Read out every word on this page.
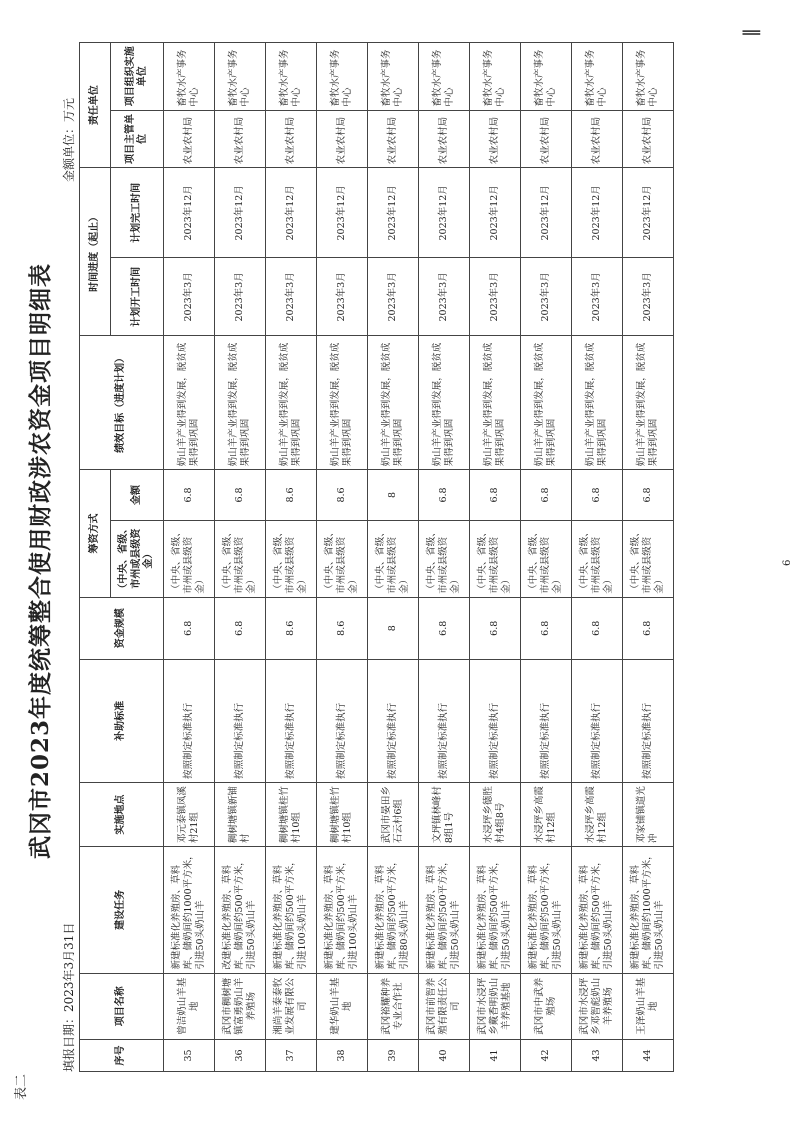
表二
武冈市2023年度统筹整合使用财政涉农资金项目明细表
填报日期：2023年3月31日
金额单位：万元
序号	项目名称	建设任务	实施地点	补助标准	资金规模	筹资方式		绩效目标（进度计划）	时间进度（起止）		责任单位	
						（中央、省级、市州或县级资金）	金额		计划开工时间	计划完工时间	项目主管单位	项目组织实施单位
35	曾洁奶山羊基地	新建标准化养殖房、草料库、储奶间约1000平方米，引进50头奶山羊	邓元泰镇凤溪村21组	按照制定标准执行	6.8	（中央、省级、市州或县级资金）	6.8	奶山羊产业得到发展，脱贫成果得到巩固	2023年3月	2023年12月	农业农村局	畜牧水产事务中心
36	武冈市稠树塘镇富勇奶山羊养殖场	改建标准化养殖房、草料库、储奶间约500平方米，引进50头奶山羊	稠树塘镇新铺村	按照制定标准执行	6.8	（中央、省级、市州或县级资金）	6.8	奶山羊产业得到发展，脱贫成果得到巩固	2023年3月	2023年12月	农业农村局	畜牧水产事务中心
37	湘尚羊泰泰牧业发展有限公司	新建标准化养殖房、草料库、储奶间约500平方米，引进100头奶山羊	稠树塘镇桂竹村10组	按照制定标准执行	8.6	（中央、省级、市州或县级资金）	8.6	奶山羊产业得到发展，脱贫成果得到巩固	2023年3月	2023年12月	农业农村局	畜牧水产事务中心
38	建华奶山羊基地	新建标准化养殖房、草料库、储奶间约500平方米，引进100头奶山羊	稠树塘镇桂竹村10组	按照制定标准执行	8.6	（中央、省级、市州或县级资金）	8.6	奶山羊产业得到发展，脱贫成果得到巩固	2023年3月	2023年12月	农业农村局	畜牧水产事务中心
39	武冈裕耀种养专业合作社	新建标准化养殖房、草料库、储奶间约500平方米，引进80头奶山羊	武冈市晏田乡石云村6组	按照制定标准执行	8	（中央、省级、市州或县级资金）	8	奶山羊产业得到发展，脱贫成果得到巩固	2023年3月	2023年12月	农业农村局	畜牧水产事务中心
40	武冈市前智养殖有限责任公司	新建标准化养殖房、草料库、储奶间约500平方米，引进50头奶山羊	文坪镇林峰村8组1号	按照制定标准执行	6.8	（中央、省级、市州或县级资金）	6.8	奶山羊产业得到发展，脱贫成果得到巩固	2023年3月	2023年12月	农业农村局	畜牧水产事务中心
41	武冈市水浸坪乡戴香明奶山羊养殖基地	新建标准化养殖房、草料库、储奶间约500平方米，引进50头奶山羊	水浸坪乡德胜村4组8号	按照制定标准执行	6.8	（中央、省级、市州或县级资金）	6.8	奶山羊产业得到发展，脱贫成果得到巩固	2023年3月	2023年12月	农业农村局	畜牧水产事务中心
42	武冈市中武养殖场	新建标准化养殖房、草料库、储奶间约500平方米，引进50头奶山羊	水浸坪乡高霞村12组	按照制定标准执行	6.8	（中央、省级、市州或县级资金）	6.8	奶山羊产业得到发展，脱贫成果得到巩固	2023年3月	2023年12月	农业农村局	畜牧水产事务中心
43	武冈市水浸坪乡邓智彪奶山羊养殖场	新建标准化养殖房、草料库、储奶间约500平方米，引进50头奶山羊	水浸坪乡高霞村12组	按照制定标准执行	6.8	（中央、省级、市州或县级资金）	6.8	奶山羊产业得到发展，脱贫成果得到巩固	2023年3月	2023年12月	农业农村局	畜牧水产事务中心
44	王泽奶山羊基地	新建标准化养殖房、草料库、储奶间约1000平方米，引进50头奶山羊	邓家铺镇道光冲	按照制定标准执行	6.8	（中央、省级、市州或县级资金）	6.8	奶山羊产业得到发展，脱贫成果得到巩固	2023年3月	2023年12月	农业农村局	畜牧水产事务中心
6
‖
